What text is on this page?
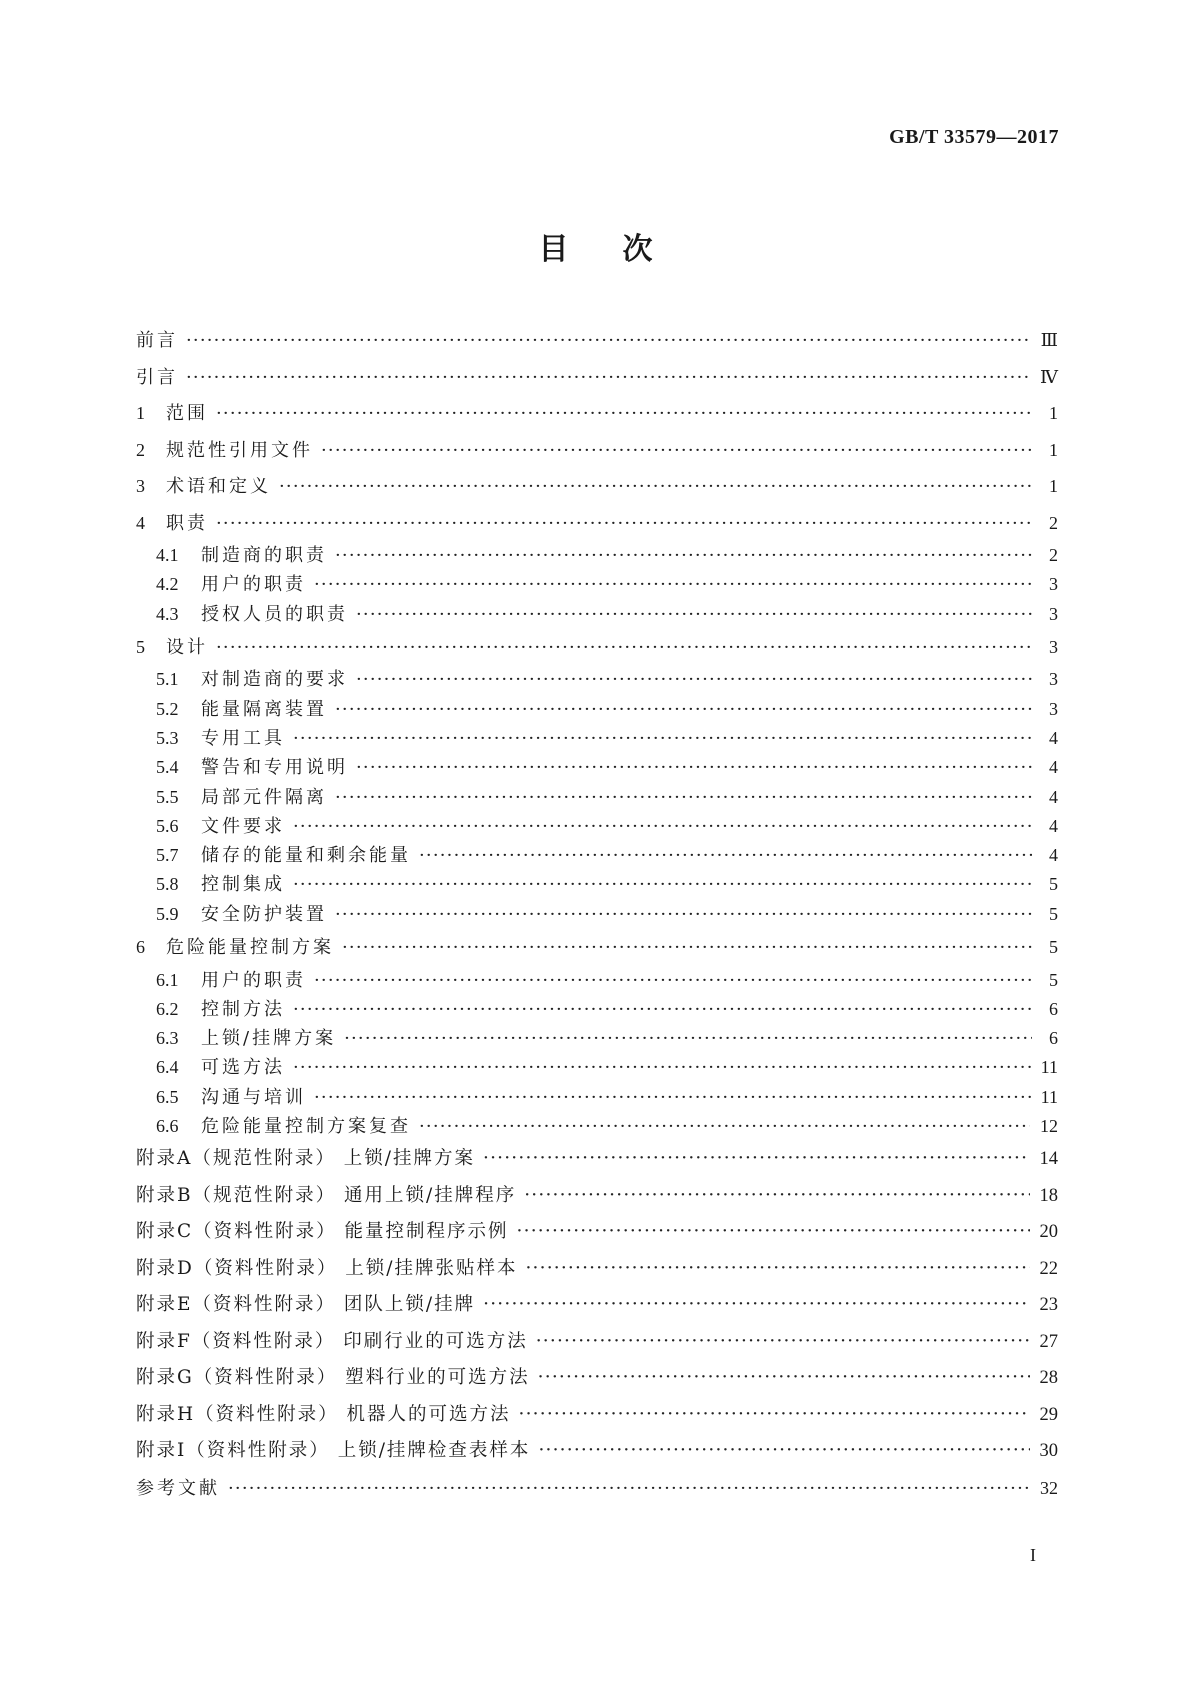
GB/T 33579—2017
目次
前言 ·····	Ⅲ
引言 ·····	Ⅳ
1	范围 ·····	1
2	规范性引用文件 ·····	1
3	术语和定义 ·····	1
4	职责 ·····	2
4.1	制造商的职责 ·····	2
4.2	用户的职责 ·····	3
4.3	授权人员的职责 ·····	3
5	设计 ·····	3
5.1	对制造商的要求 ·····	3
5.2	能量隔离装置 ·····	3
5.3	专用工具 ·····	4
5.4	警告和专用说明 ·····	4
5.5	局部元件隔离 ·····	4
5.6	文件要求 ·····	4
5.7	储存的能量和剩余能量 ·····	4
5.8	控制集成 ·····	5
5.9	安全防护装置 ·····	5
6	危险能量控制方案 ·····	5
6.1	用户的职责 ·····	5
6.2	控制方法 ·····	6
6.3	上锁/挂牌方案 ·····	6
6.4	可选方法 ·····	11
6.5	沟通与培训 ·····	11
6.6	危险能量控制方案复查 ·····	12
附录A（规范性附录） 上锁/挂牌方案 ·····	14
附录B（规范性附录） 通用上锁/挂牌程序 ·····	18
附录C（资料性附录） 能量控制程序示例 ·····	20
附录D（资料性附录） 上锁/挂牌张贴样本 ·····	22
附录E（资料性附录） 团队上锁/挂牌 ·····	23
附录F（资料性附录） 印刷行业的可选方法 ·····	27
附录G（资料性附录） 塑料行业的可选方法 ·····	28
附录H（资料性附录） 机器人的可选方法 ·····	29
附录I（资料性附录） 上锁/挂牌检查表样本 ·····	30
参考文献 ·····	32
I
